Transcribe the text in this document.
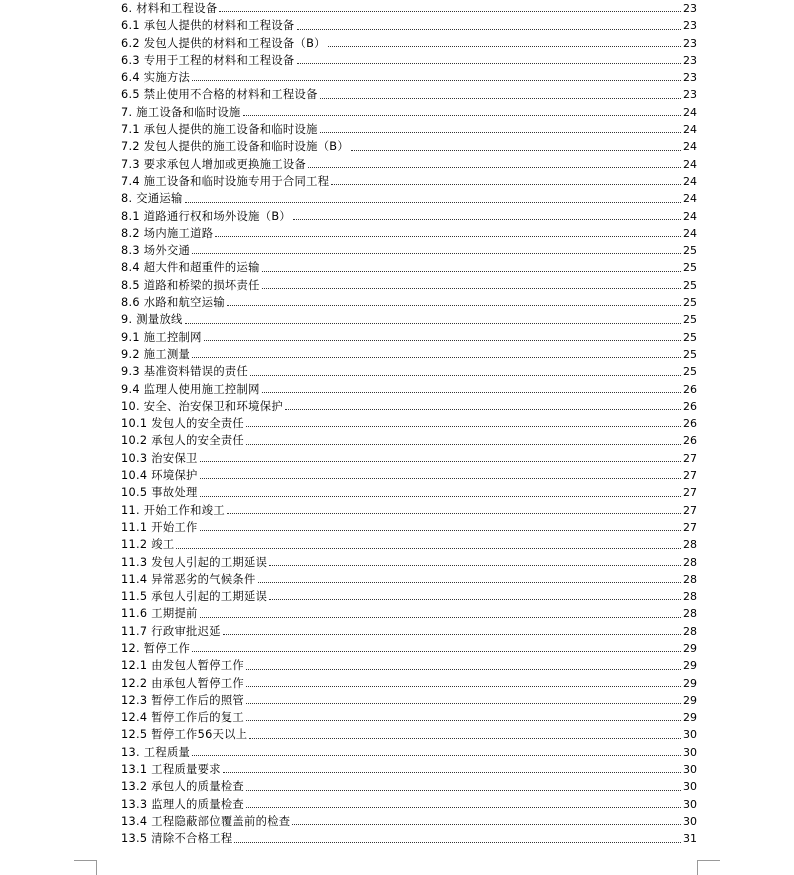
6. 材料和工程设备	23
6.1 承包人提供的材料和工程设备	23
6.2 发包人提供的材料和工程设备（B）	23
6.3 专用于工程的材料和工程设备	23
6.4 实施方法	23
6.5 禁止使用不合格的材料和工程设备	23
7. 施工设备和临时设施	24
7.1 承包人提供的施工设备和临时设施	24
7.2 发包人提供的施工设备和临时设施（B）	24
7.3 要求承包人增加或更换施工设备	24
7.4 施工设备和临时设施专用于合同工程	24
8. 交通运输	24
8.1 道路通行权和场外设施（B）	24
8.2 场内施工道路	24
8.3 场外交通	25
8.4 超大件和超重件的运输	25
8.5 道路和桥梁的损坏责任	25
8.6 水路和航空运输	25
9. 测量放线	25
9.1 施工控制网	25
9.2 施工测量	25
9.3 基准资料错误的责任	25
9.4 监理人使用施工控制网	26
10. 安全、治安保卫和环境保护	26
10.1 发包人的安全责任	26
10.2 承包人的安全责任	26
10.3 治安保卫	27
10.4 环境保护	27
10.5 事故处理	27
11. 开始工作和竣工	27
11.1 开始工作	27
11.2 竣工	28
11.3 发包人引起的工期延误	28
11.4 异常恶劣的气候条件	28
11.5 承包人引起的工期延误	28
11.6 工期提前	28
11.7 行政审批迟延	28
12. 暂停工作	29
12.1 由发包人暂停工作	29
12.2 由承包人暂停工作	29
12.3 暂停工作后的照管	29
12.4 暂停工作后的复工	29
12.5 暂停工作56天以上	30
13. 工程质量	30
13.1 工程质量要求	30
13.2 承包人的质量检查	30
13.3 监理人的质量检查	30
13.4 工程隐蔽部位覆盖前的检查	30
13.5 清除不合格工程	31
